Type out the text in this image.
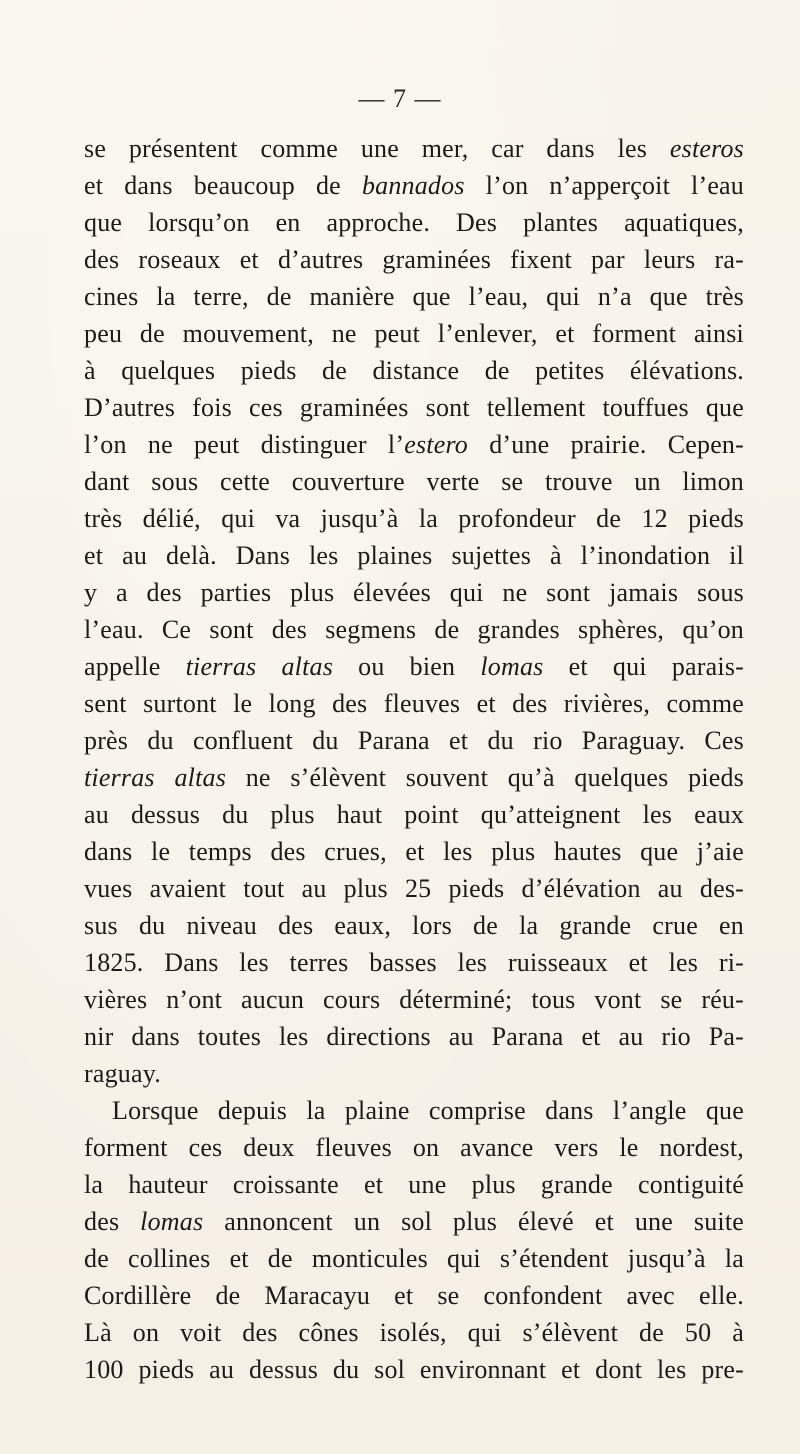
— 7 —
se présentent comme une mer, car dans les esteros
et dans beaucoup de bannados l’on n’apperçoit l’eau
que lorsqu’on en approche. Des plantes aquatiques,
des roseaux et d’autres graminées fixent par leurs ra-
cines la terre, de manière que l’eau, qui n’a que très
peu de mouvement, ne peut l’enlever, et forment ainsi
à quelques pieds de distance de petites élévations.
D’autres fois ces graminées sont tellement touffues que
l’on ne peut distinguer l’estero d’une prairie. Cepen-
dant sous cette couverture verte se trouve un limon
très délié, qui va jusqu’à la profondeur de 12 pieds
et au delà. Dans les plaines sujettes à l’inondation il
y a des parties plus élevées qui ne sont jamais sous
l’eau. Ce sont des segmens de grandes sphères, qu’on
appelle tierras altas ou bien lomas et qui parais-
sent surtont le long des fleuves et des rivières, comme
près du confluent du Parana et du rio Paraguay. Ces
tierras altas ne s’élèvent souvent qu’à quelques pieds
au dessus du plus haut point qu’atteignent les eaux
dans le temps des crues, et les plus hautes que j’aie
vues avaient tout au plus 25 pieds d’élévation au des-
sus du niveau des eaux, lors de la grande crue en
1825. Dans les terres basses les ruisseaux et les ri-
vières n’ont aucun cours déterminé; tous vont se réu-
nir dans toutes les directions au Parana et au rio Pa-
raguay.
Lorsque depuis la plaine comprise dans l’angle que
forment ces deux fleuves on avance vers le nordest,
la hauteur croissante et une plus grande contiguité
des lomas annoncent un sol plus élevé et une suite
de collines et de monticules qui s’étendent jusqu’à la
Cordillère de Maracayu et se confondent avec elle.
Là on voit des cônes isolés, qui s’élèvent de 50 à
100 pieds au dessus du sol environnant et dont les pre-
